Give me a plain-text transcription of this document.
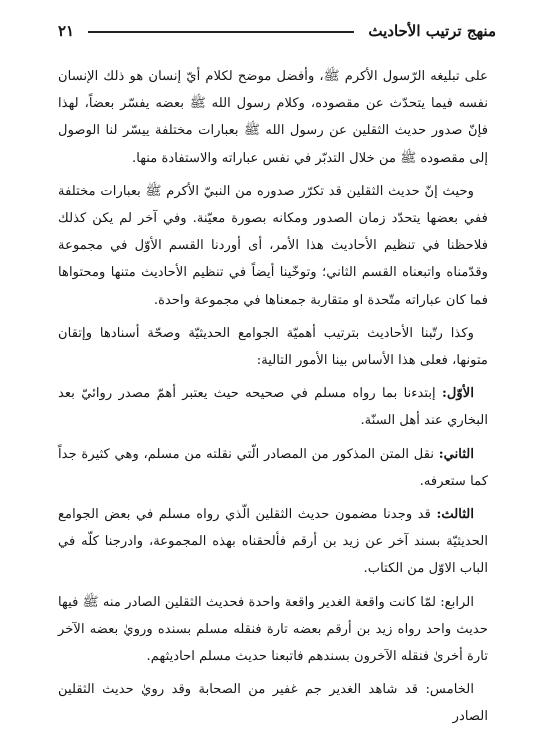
منهج ترتيب الأحاديث
٢١

على تبليغه الرّسول الأكرم ﷺ، وأفضل موضح لكلام أيّ إنسان هو ذلك الإنسان نفسه فيما يتحدّث عن مقصوده، وكلام رسول الله ﷺ بعضه يفسّر بعضاً، لهذا فإنّ صدور حديث الثقلين عن رسول الله ﷺ بعبارات مختلفة ييسّر لنا الوصول إلى مقصوده ﷺ من خلال التدبّر في نفس عباراته والاستفادة منها.

وحيث إنّ حديث الثقلين قد تكرّر صدوره من النبيّ الأكرم ﷺ بعبارات مختلفة ففي بعضها يتحدّد زمان الصدور ومكانه بصورة معيّنة. وفي آخر لم يكن كذلك فلاحظنا في تنظيم الأحاديث هذا الأمر، أى أوردنا القسم الأوّل في مجموعة وقدّمناه واتبعناه القسم الثاني؛ وتوخّينا أيضاً في تنظيم الأحاديث متنها ومحتواها فما كان عباراته متّحدة او متقاربة جمعناها في مجموعة واحدة.

وكذا رتّبنا الأحاديث بترتيب أهميّة الجوامع الحديثيّة وصحّة أسنادها وإتقان متونها، فعلى هذا الأساس بينا الأمور التالية:

الأوّل: إبتدءنا بما رواه مسلم في صحيحه حيث يعتبر أهمّ مصدر روائيّ بعد البخاري عند أهل السنّة.

الثاني: نقل المتن المذكور من المصادر الّتي نقلته من مسلم، وهي كثيرة جداً كما ستعرفه.

الثالث: قد وجدنا مضمون حديث الثقلين الّذي رواه مسلم في بعض الجوامع الحديثيّة بسند آخر عن زيد بن أرقم فألحقناه بهذه المجموعة، وادرجنا كلّه في الباب الاوّل من الكتاب.

الرابع: لمّا كانت واقعة الغدير واقعة واحدة فحديث الثقلين الصادر منه ﷺ فيها حديث واحد رواه زيد بن أرقم بعضه تارة فنقله مسلم بسنده ورويٰ بعضه الآخر تارة أخرىٰ فنقله الآخرون بسندهم فاتبعنا حديث مسلم احاديثهم.

الخامس: قد شاهد الغدير جم غفير من الصحابة وقد رويٰ حديث الثقلين الصادر
